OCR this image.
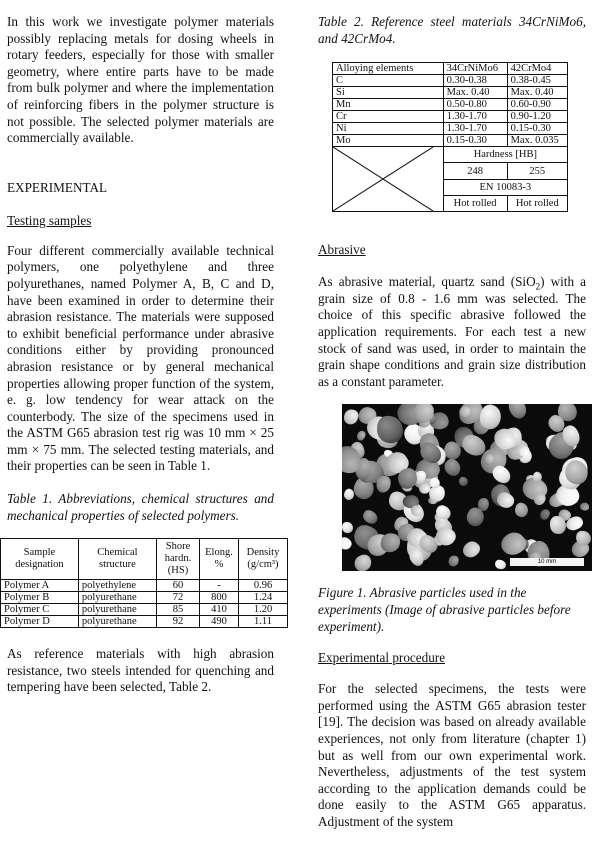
In this work we investigate polymer materials possibly replacing metals for dosing wheels in rotary feeders, especially for those with smaller geometry, where entire parts have to be made from bulk polymer and where the implementation of reinforcing fibers in the polymer structure is not possible. The selected polymer materials are commercially available.

EXPERIMENTAL

Testing samples

Four different commercially available technical polymers, one polyethylene and three polyurethanes, named Polymer A, B, C and D, have been examined in order to determine their abrasion resistance. The materials were supposed to exhibit beneficial performance under abrasive conditions either by providing pronounced abrasion resistance or by general mechanical properties allowing proper function of the system, e. g. low tendency for wear attack on the counterbody. The size of the specimens used in the ASTM G65 abrasion test rig was 10 mm × 25 mm × 75 mm. The selected testing materials, and their properties can be seen in Table 1.

Table 1. Abbreviations, chemical structures and mechanical properties of selected polymers.

Sample designation	Chemical structure	Shore hardn. (HS)	Elong. %	Density (g/cm³)
Polymer A	polyethylene	60	-	0.96
Polymer B	polyurethane	72	800	1.24
Polymer C	polyurethane	85	410	1.20
Polymer D	polyurethane	92	490	1.11

As reference materials with high abrasion resistance, two steels intended for quenching and tempering have been selected, Table 2.

Table 2. Reference steel materials 34CrNiMo6, and 42CrMo4.

Alloying elements	34CrNiMo6	42CrMo4
C	0.30-0.38	0.38-0.45
Si	Max. 0.40	Max. 0.40
Mn	0.50-0.80	0.60-0.90
Cr	1.30-1.70	0.90-1.20
Ni	1.30-1.70	0.15-0.30
Mo	0.15-0.30	Max. 0.035

	Hardness [HB]	
	248	255
	EN 10083-3	
	Hot rolled	Hot rolled

Abrasive

As abrasive material, quartz sand (SiO$_2$) with a grain size of 0.8 - 1.6 mm was selected. The choice of this specific abrasive followed the application requirements. For each test a new stock of sand was used, in order to maintain the grain shape conditions and grain size distribution as a constant parameter.

10 mm

Figure 1. Abrasive particles used in the experiments (Image of abrasive particles before experiment).

Experimental procedure

For the selected specimens, the tests were performed using the ASTM G65 abrasion tester [19]. The decision was based on already available experiences, not only from literature (chapter 1) but as well from our own experimental work. Nevertheless, adjustments of the test system according to the application demands could be done easily to the ASTM G65 apparatus. Adjustment of the system
